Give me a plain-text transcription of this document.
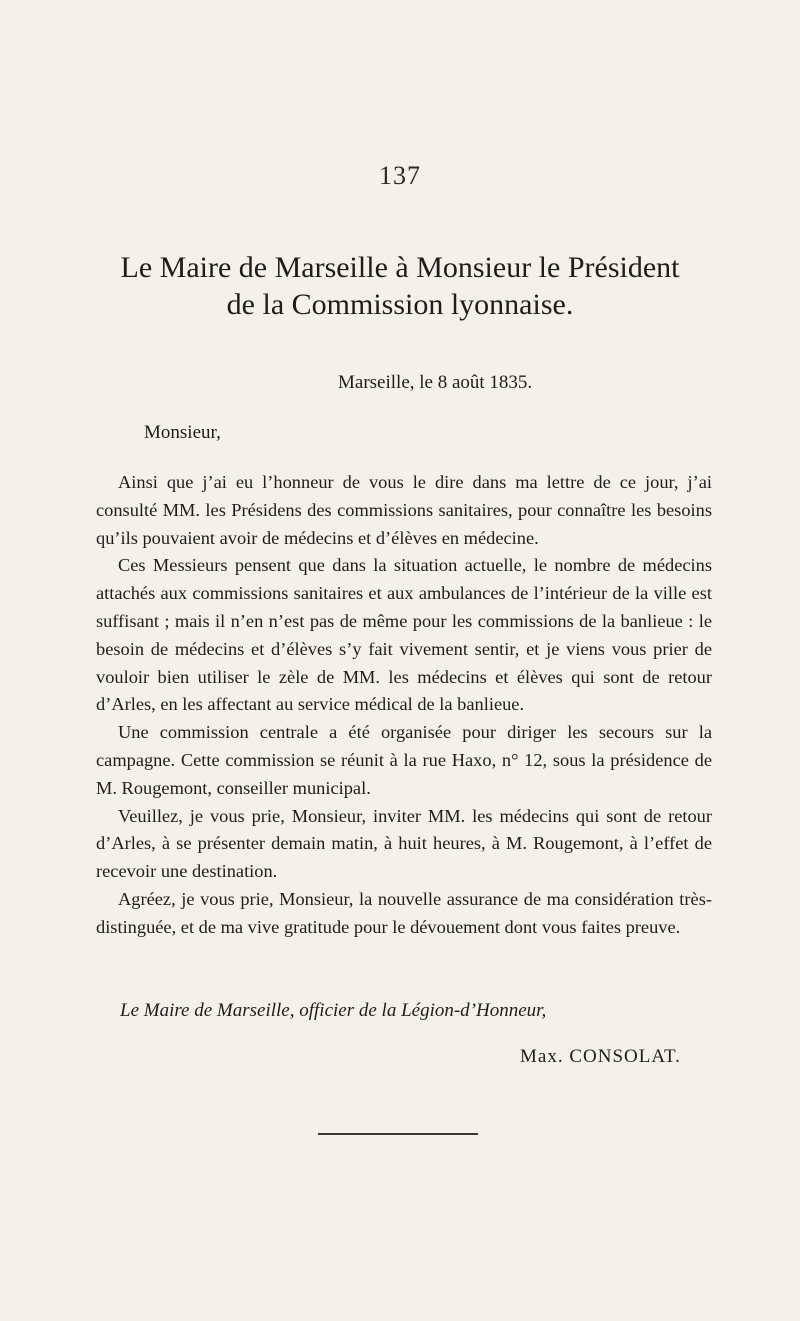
137
Le Maire de Marseille à Monsieur le Président
de la Commission lyonnaise.
Marseille, le 8 août 1835.
Monsieur,

Ainsi que j’ai eu l’honneur de vous le dire dans ma lettre de ce jour, j’ai consulté MM. les Présidens des commissions sanitaires, pour connaître les besoins qu’ils pouvaient avoir de médecins et d’élèves en médecine.

Ces Messieurs pensent que dans la situation actuelle, le nombre de médecins attachés aux commissions sanitaires et aux ambulances de l’intérieur de la ville est suffisant ; mais il n’en n’est pas de même pour les commissions de la banlieue : le besoin de médecins et d’élèves s’y fait vivement sentir, et je viens vous prier de vouloir bien utiliser le zèle de MM. les médecins et élèves qui sont de retour d’Arles, en les affectant au service médical de la banlieue.

Une commission centrale a été organisée pour diriger les secours sur la campagne. Cette commission se réunit à la rue Haxo, n° 12, sous la présidence de M. Rougemont, conseiller municipal.

Veuillez, je vous prie, Monsieur, inviter MM. les médecins qui sont de retour d’Arles, à se présenter demain matin, à huit heures, à M. Rougemont, à l’effet de recevoir une destination.

Agréez, je vous prie, Monsieur, la nouvelle assurance de ma considération très-distinguée, et de ma vive gratitude pour le dévouement dont vous faites preuve.

Le Maire de Marseille, officier de la Légion-d’Honneur,
Max. CONSOLAT.
